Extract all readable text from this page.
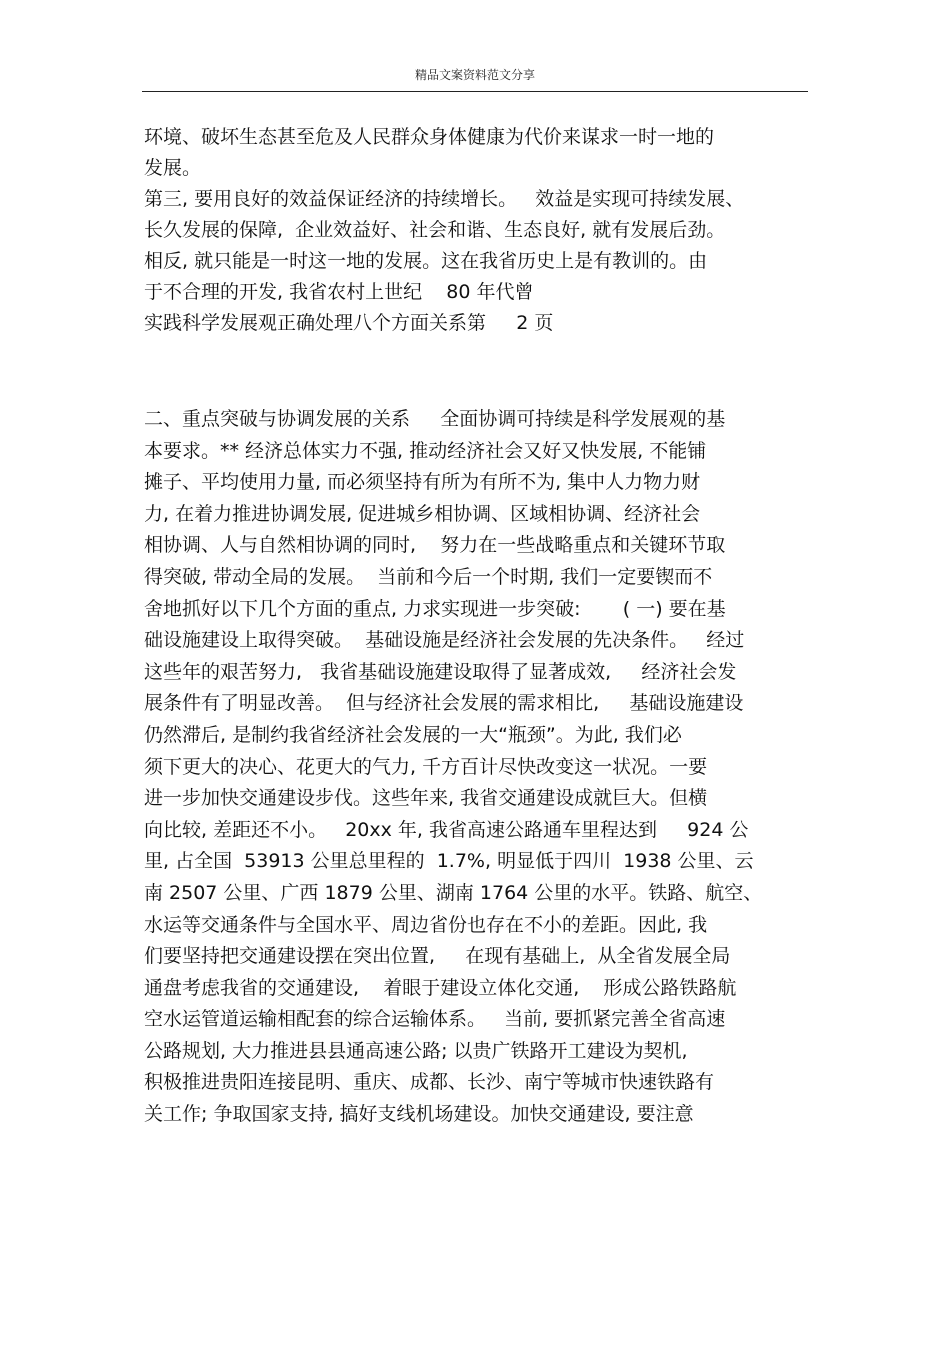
精品文案资料范文分享
环境、破坏生态甚至危及人民群众身体健康为代价来谋求一时一地的
发展。
第三, 要用良好的效益保证经济的持续增长。   效益是实现可持续发展、
长久发展的保障,  企业效益好、社会和谐、生态良好, 就有发展后劲。
相反, 就只能是一时这一地的发展。这在我省历史上是有教训的。由
于不合理的开发, 我省农村上世纪    80 年代曾
实践科学发展观正确处理八个方面关系第     2 页
二、重点突破与协调发展的关系     全面协调可持续是科学发展观的基
本要求。** 经济总体实力不强, 推动经济社会又好又快发展, 不能铺
摊子、平均使用力量, 而必须坚持有所为有所不为, 集中人力物力财
力, 在着力推进协调发展, 促进城乡相协调、区域相协调、经济社会
相协调、人与自然相协调的同时,    努力在一些战略重点和关键环节取
得突破, 带动全局的发展。  当前和今后一个时期, 我们一定要锲而不
舍地抓好以下几个方面的重点, 力求实现进一步突破:       ( 一) 要在基
础设施建设上取得突破。  基础设施是经济社会发展的先决条件。   经过
这些年的艰苦努力,   我省基础设施建设取得了显著成效,     经济社会发
展条件有了明显改善。  但与经济社会发展的需求相比,     基础设施建设
仍然滞后, 是制约我省经济社会发展的一大“瓶颈”。为此, 我们必
须下更大的决心、花更大的气力, 千方百计尽快改变这一状况。一要
进一步加快交通建设步伐。这些年来, 我省交通建设成就巨大。但横
向比较, 差距还不小。   20xx 年, 我省高速公路通车里程达到     924 公
里, 占全国  53913 公里总里程的  1.7%, 明显低于四川  1938 公里、云
南 2507 公里、广西 1879 公里、湖南 1764 公里的水平。铁路、航空、
水运等交通条件与全国水平、周边省份也存在不小的差距。因此, 我
们要坚持把交通建设摆在突出位置,     在现有基础上,  从全省发展全局
通盘考虑我省的交通建设,    着眼于建设立体化交通,    形成公路铁路航
空水运管道运输相配套的综合运输体系。   当前, 要抓紧完善全省高速
公路规划, 大力推进县县通高速公路; 以贵广铁路开工建设为契机,
积极推进贵阳连接昆明、重庆、成都、长沙、南宁等城市快速铁路有
关工作; 争取国家支持, 搞好支线机场建设。加快交通建设, 要注意
